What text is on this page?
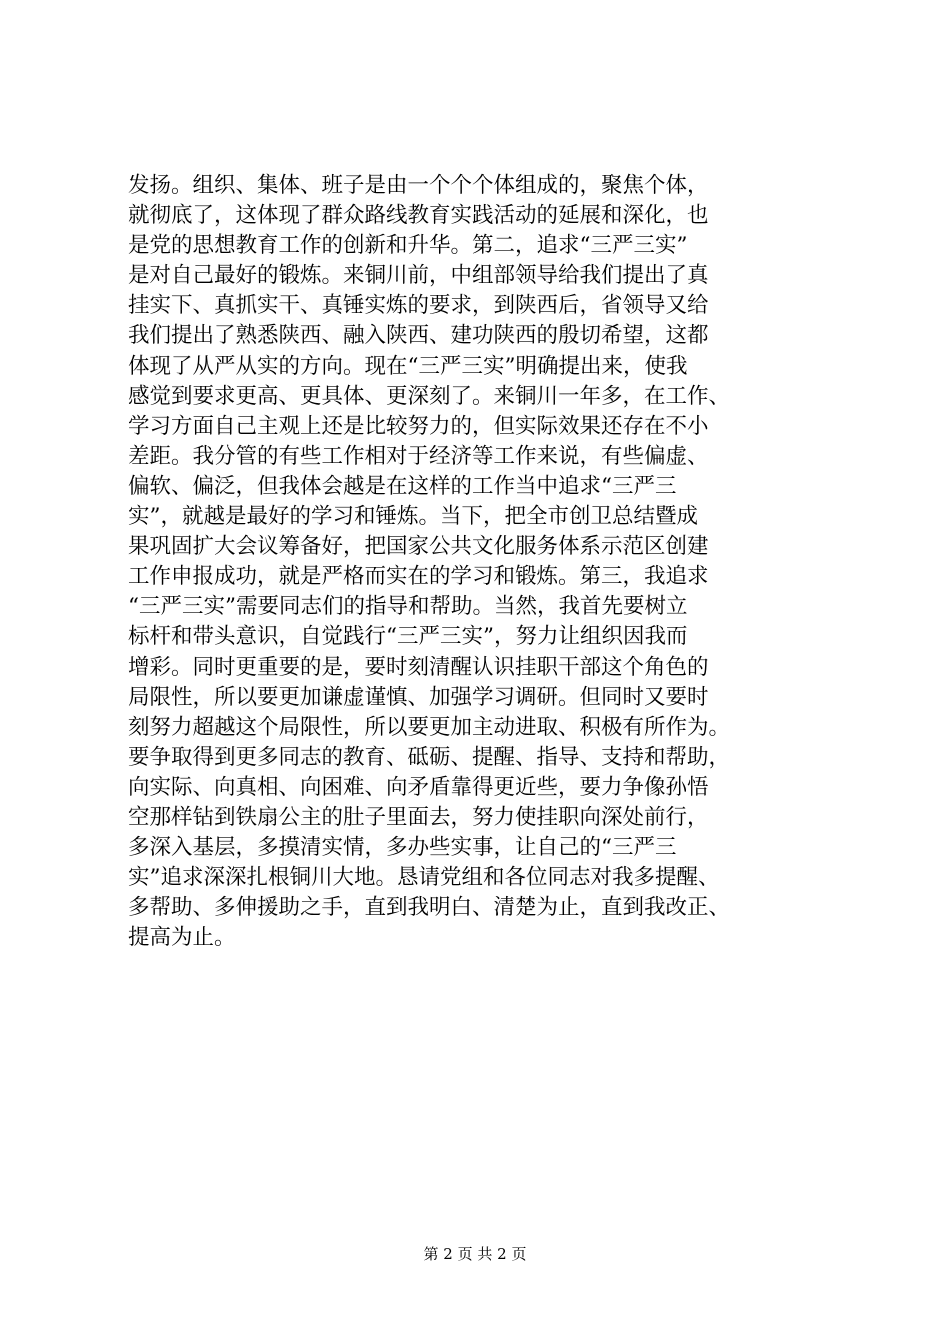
发扬。组织、集体、班子是由一个个个体组成的，聚焦个体，
就彻底了，这体现了群众路线教育实践活动的延展和深化，也
是党的思想教育工作的创新和升华。第二，追求“三严三实”
是对自己最好的锻炼。来铜川前，中组部领导给我们提出了真
挂实下、真抓实干、真锤实炼的要求，到陕西后，省领导又给
我们提出了熟悉陕西、融入陕西、建功陕西的殷切希望，这都
体现了从严从实的方向。现在“三严三实”明确提出来，使我
感觉到要求更高、更具体、更深刻了。来铜川一年多，在工作、
学习方面自己主观上还是比较努力的，但实际效果还存在不小
差距。我分管的有些工作相对于经济等工作来说，有些偏虚、
偏软、偏泛，但我体会越是在这样的工作当中追求“三严三
实”，就越是最好的学习和锤炼。当下，把全市创卫总结暨成
果巩固扩大会议筹备好，把国家公共文化服务体系示范区创建
工作申报成功，就是严格而实在的学习和锻炼。第三，我追求
“三严三实”需要同志们的指导和帮助。当然，我首先要树立
标杆和带头意识，自觉践行“三严三实”，努力让组织因我而
增彩。同时更重要的是，要时刻清醒认识挂职干部这个角色的
局限性，所以要更加谦虚谨慎、加强学习调研。但同时又要时
刻努力超越这个局限性，所以要更加主动进取、积极有所作为。
要争取得到更多同志的教育、砥砺、提醒、指导、支持和帮助，
向实际、向真相、向困难、向矛盾靠得更近些，要力争像孙悟
空那样钻到铁扇公主的肚子里面去，努力使挂职向深处前行，
多深入基层，多摸清实情，多办些实事，让自己的“三严三
实”追求深深扎根铜川大地。恳请党组和各位同志对我多提醒、
多帮助、多伸援助之手，直到我明白、清楚为止，直到我改正、
提高为止。
第 2 页 共 2 页
